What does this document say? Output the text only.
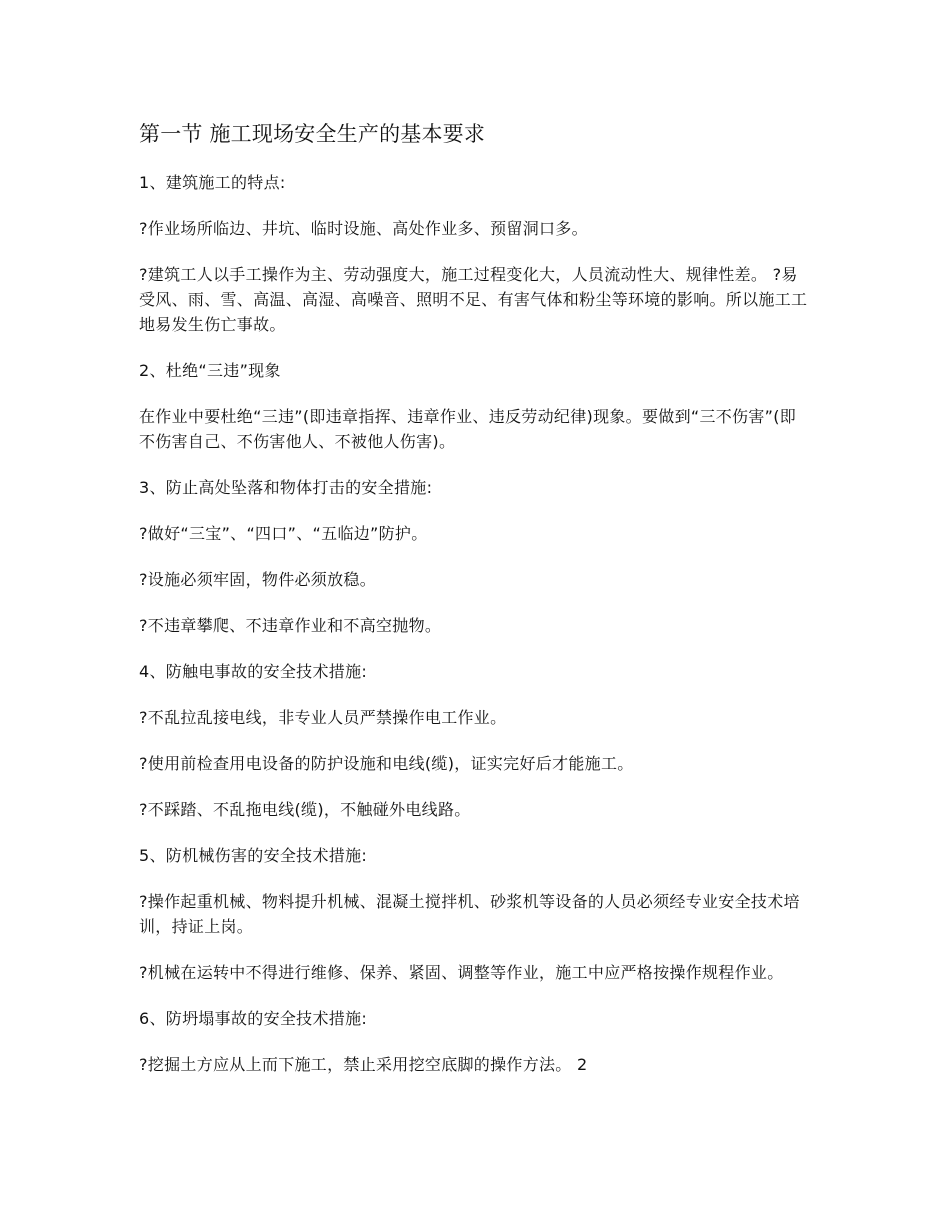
第一节 施工现场安全生产的基本要求

1、建筑施工的特点:

?作业场所临边、井坑、临时设施、高处作业多、预留洞口多。

?建筑工人以手工操作为主、劳动强度大，施工过程变化大，人员流动性大、规律性差。 ?易受风、雨、雪、高温、高湿、高噪音、照明不足、有害气体和粉尘等环境的影响。所以施工工地易发生伤亡事故。

2、杜绝“三违”现象

在作业中要杜绝“三违”(即违章指挥、违章作业、违反劳动纪律)现象。要做到“三不伤害”(即不伤害自己、不伤害他人、不被他人伤害)。

3、防止高处坠落和物体打击的安全措施:

?做好“三宝”、“四口”、“五临边”防护。

?设施必须牢固，物件必须放稳。

?不违章攀爬、不违章作业和不高空抛物。

4、防触电事故的安全技术措施:

?不乱拉乱接电线，非专业人员严禁操作电工作业。

?使用前检查用电设备的防护设施和电线(缆)，证实完好后才能施工。

?不踩踏、不乱拖电线(缆)，不触碰外电线路。

5、防机械伤害的安全技术措施:

?操作起重机械、物料提升机械、混凝土搅拌机、砂浆机等设备的人员必须经专业安全技术培训，持证上岗。

?机械在运转中不得进行维修、保养、紧固、调整等作业，施工中应严格按操作规程作业。

6、防坍塌事故的安全技术措施:

?挖掘土方应从上而下施工，禁止采用挖空底脚的操作方法。 2
